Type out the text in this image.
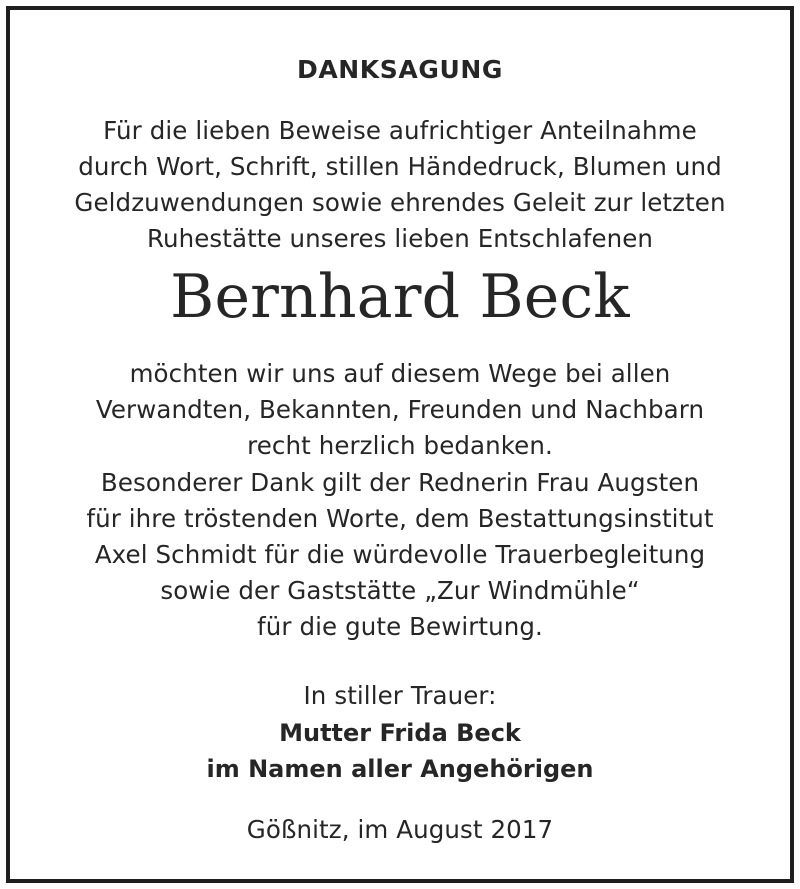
DANKSAGUNG
Für die lieben Beweise aufrichtiger Anteilnahme
durch Wort, Schrift, stillen Händedruck, Blumen und
Geldzuwendungen sowie ehrendes Geleit zur letzten
Ruhestätte unseres lieben Entschlafenen
Bernhard Beck
möchten wir uns auf diesem Wege bei allen
Verwandten, Bekannten, Freunden und Nachbarn
recht herzlich bedanken.
Besonderer Dank gilt der Rednerin Frau Augsten
für ihre tröstenden Worte, dem Bestattungsinstitut
Axel Schmidt für die würdevolle Trauerbegleitung
sowie der Gaststätte „Zur Windmühle“
für die gute Bewirtung.
In stiller Trauer:
Mutter Frida Beck
im Namen aller Angehörigen
Gößnitz, im August 2017
